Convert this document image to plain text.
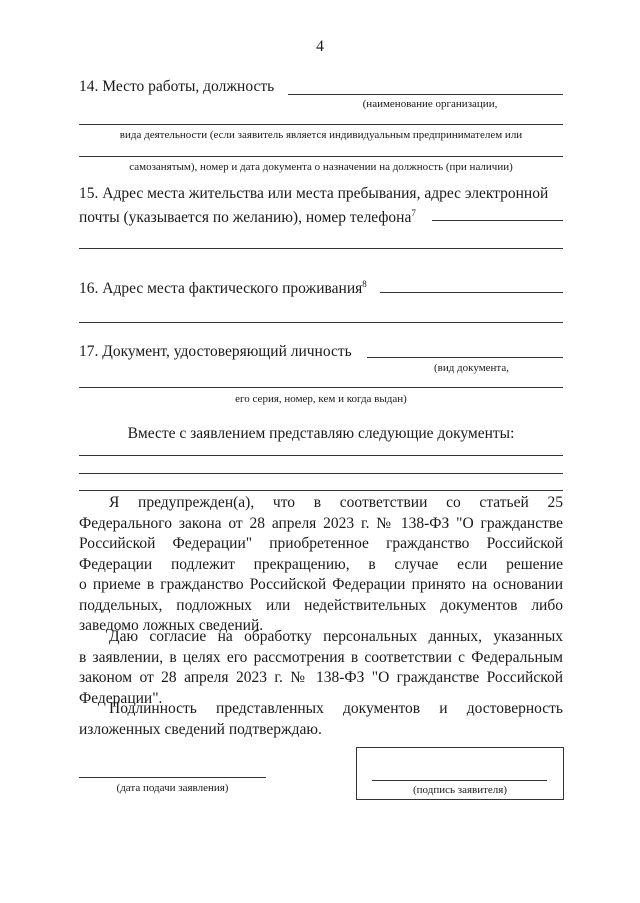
4
14. Место работы, должность
(наименование организации,
вида деятельности (если заявитель является индивидуальным предпринимателем или
самозанятым), номер и дата документа о назначении на должность (при наличии)
15. Адрес места жительства или места пребывания, адрес электронной
почты (указывается по желанию), номер телефона$^7$
16. Адрес места фактического проживания$^8$
17. Документ, удостоверяющий личность
(вид документа,
его серия, номер, кем и когда выдан)
Вместе с заявлением представляю следующие документы:
Я предупрежден(а), что в соответствии со статьей 25
Федерального закона от 28 апреля 2023 г. № 138-ФЗ "О гражданстве
Российской Федерации" приобретенное гражданство Российской
Федерации подлежит прекращению, в случае если решение
о приеме в гражданство Российской Федерации принято на основании
поддельных, подложных или недействительных документов либо
заведомо ложных сведений.
Даю согласие на обработку персональных данных, указанных
в заявлении, в целях его рассмотрения в соответствии с Федеральным
законом от 28 апреля 2023 г. № 138-ФЗ "О гражданстве Российской
Федерации".
Подлинность представленных документов и достоверность
изложенных сведений подтверждаю.
(дата подачи заявления)	(подпись заявителя)
